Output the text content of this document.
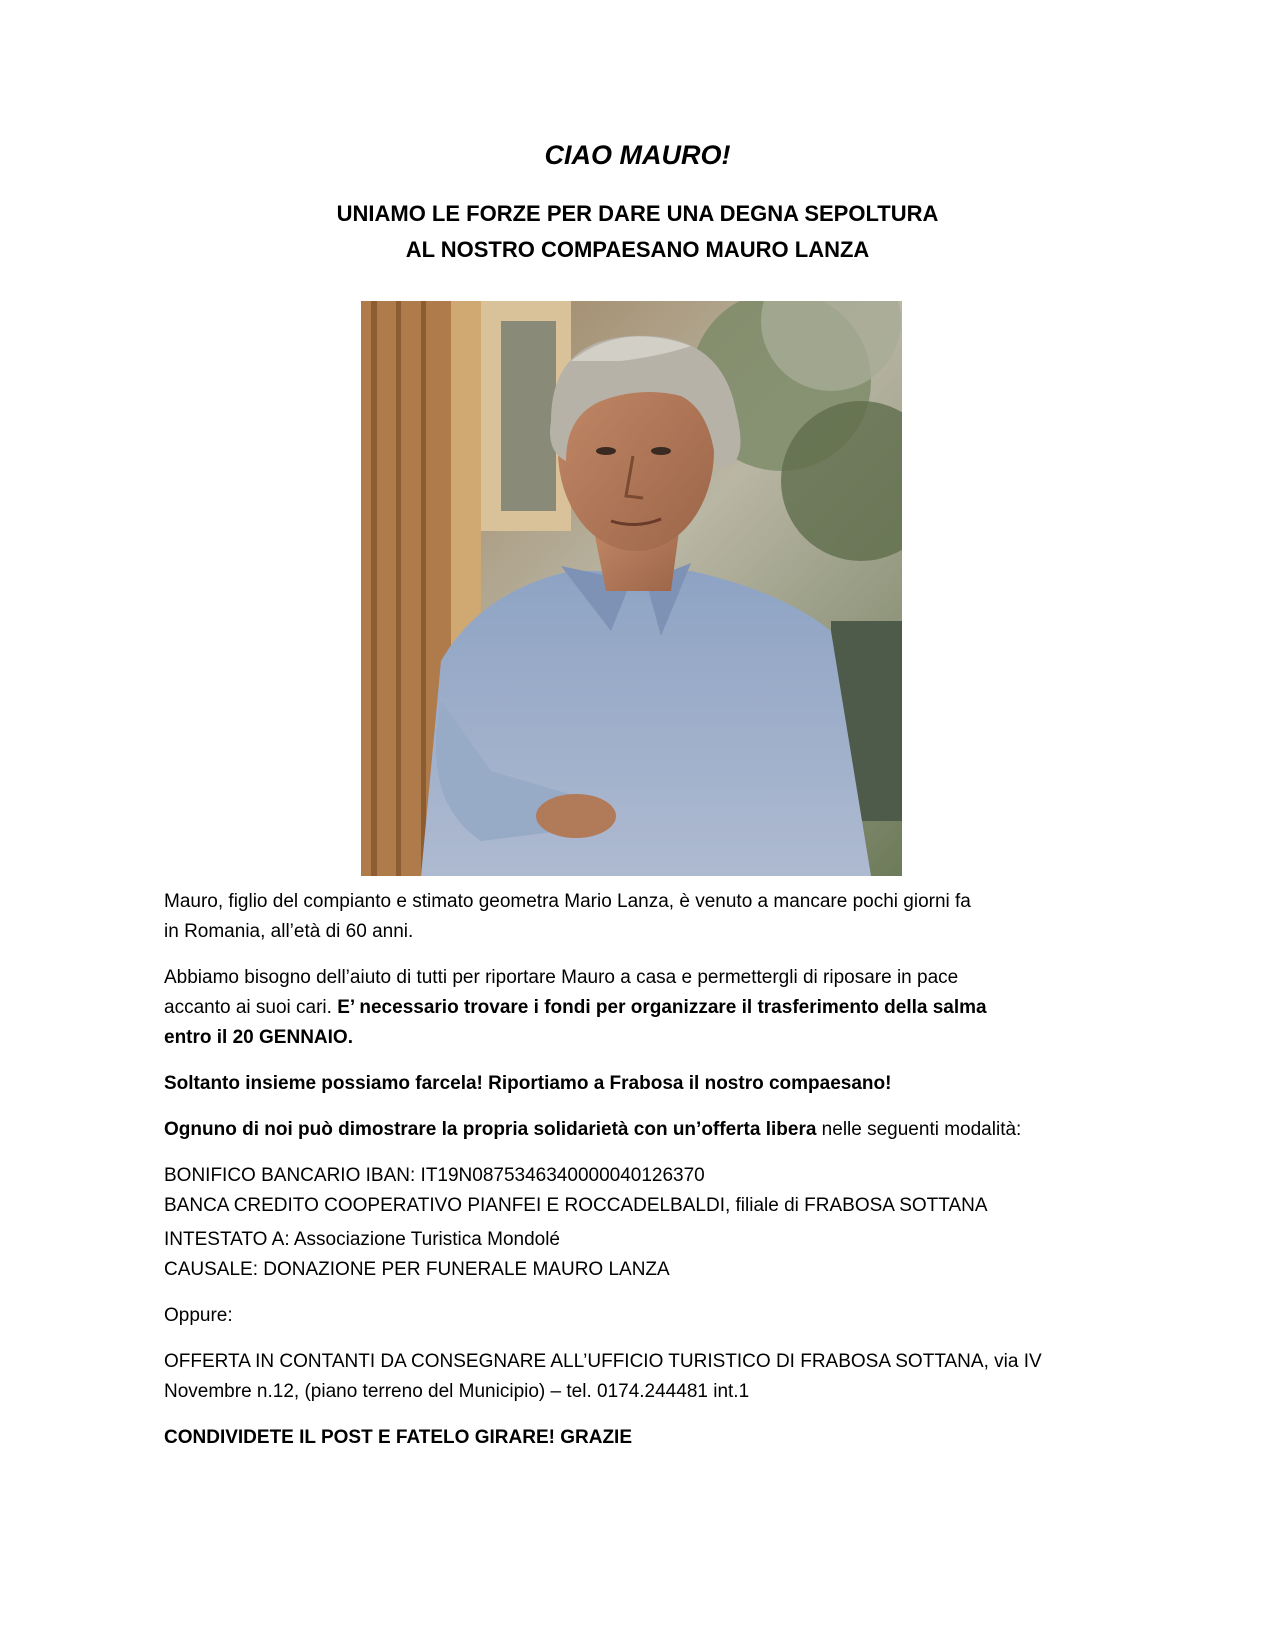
CIAO MAURO!
UNIAMO LE FORZE PER DARE UNA DEGNA SEPOLTURA
AL NOSTRO COMPAESANO MAURO LANZA

Mauro, figlio del compianto e stimato geometra Mario Lanza, è venuto a mancare pochi giorni fa
in Romania, all’età di 60 anni.

Abbiamo bisogno dell’aiuto di tutti per riportare Mauro a casa e permettergli di riposare in pace
accanto ai suoi cari. E’ necessario trovare i fondi per organizzare il trasferimento della salma
entro il 20 GENNAIO.

Soltanto insieme possiamo farcela! Riportiamo a Frabosa il nostro compaesano!

Ognuno di noi può dimostrare la propria solidarietà con un’offerta libera nelle seguenti modalità:

BONIFICO BANCARIO IBAN: IT19N0875346340000040126370

BANCA CREDITO COOPERATIVO PIANFEI E ROCCADELBALDI, filiale di FRABOSA SOTTANA

INTESTATO A: Associazione Turistica Mondolé

CAUSALE: DONAZIONE PER FUNERALE MAURO LANZA

Oppure:

OFFERTA IN CONTANTI DA CONSEGNARE ALL’UFFICIO TURISTICO DI FRABOSA SOTTANA, via IV
Novembre n.12, (piano terreno del Municipio) – tel. 0174.244481 int.1

CONDIVIDETE IL POST E FATELO GIRARE! GRAZIE
